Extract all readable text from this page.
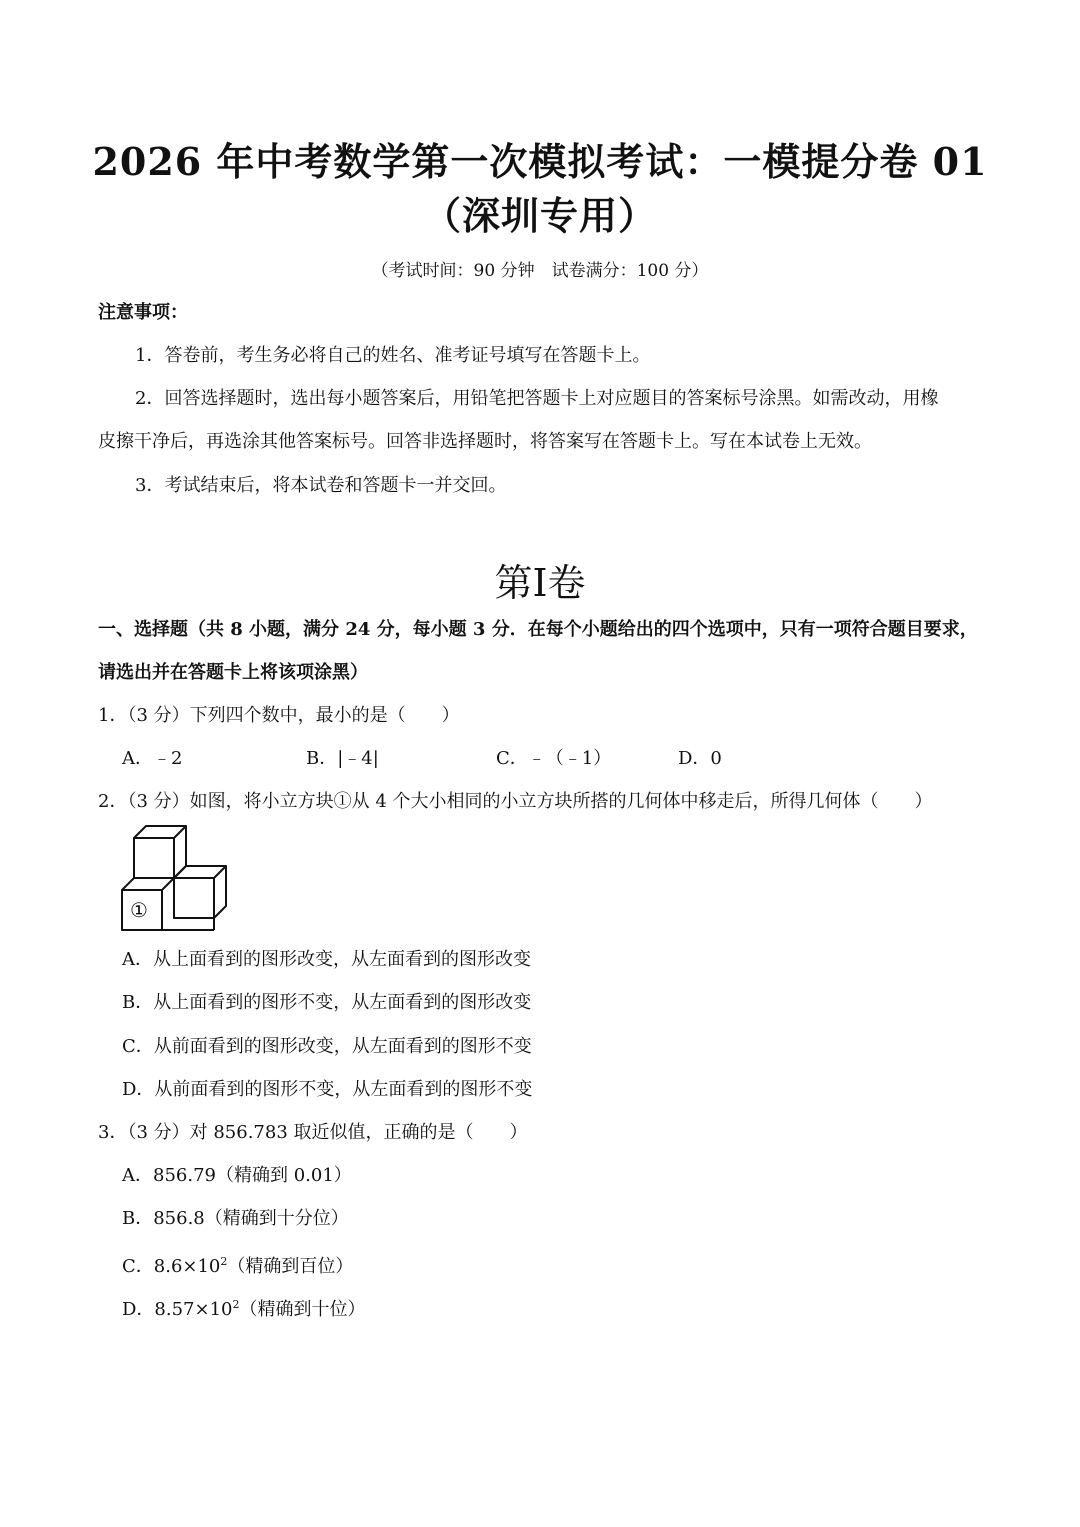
2026 年中考数学第一次模拟考试：一模提分卷 01
（深圳专用）
（考试时间：90 分钟　试卷满分：100 分）
注意事项：
1．答卷前，考生务必将自己的姓名、准考证号填写在答题卡上。
2．回答选择题时，选出每小题答案后，用铅笔把答题卡上对应题目的答案标号涂黑。如需改动，用橡
皮擦干净后，再选涂其他答案标号。回答非选择题时，将答案写在答题卡上。写在本试卷上无效。
3．考试结束后，将本试卷和答题卡一并交回。
第I卷
一、选择题（共 8 小题，满分 24 分，每小题 3 分．在每个小题给出的四个选项中，只有一项符合题目要求，
请选出并在答题卡上将该项涂黑）
1．（3 分）下列四个数中，最小的是（　　）
A．﹣2	B．|﹣4|	C．﹣（﹣1）	D．0
2．（3 分）如图，将小立方块①从 4 个大小相同的小立方块所搭的几何体中移走后，所得几何体（　　）
①
A．从上面看到的图形改变，从左面看到的图形改变
B．从上面看到的图形不变，从左面看到的图形改变
C．从前面看到的图形改变，从左面看到的图形不变
D．从前面看到的图形不变，从左面看到的图形不变
3．（3 分）对 856.783 取近似值，正确的是（　　）
A．856.79（精确到 0.01）
B．856.8（精确到十分位）
C．$8.6\times 10^2$（精确到百位）
D．$8.57\times 10^2$（精确到十位）
